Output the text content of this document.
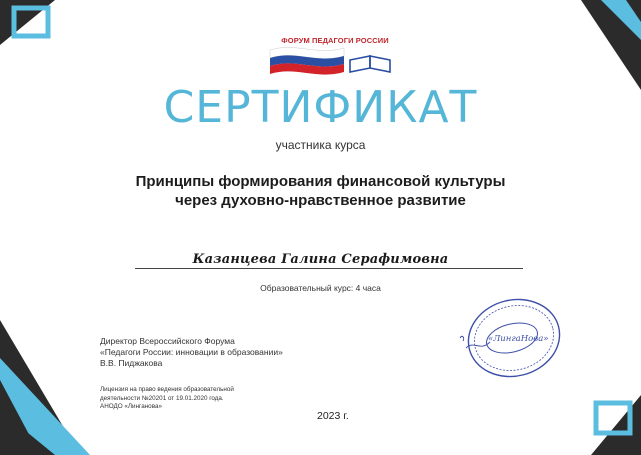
ФОРУМ ПЕДАГОГИ РОССИИ
СЕРТИФИКАТ
участника курса
Принципы формирования финансовой культуры
через духовно-нравственное развитие
Казанцева Галина Серафимовна
Образовательный курс: 4 часа
Директор Всероссийского Форума
«Педагоги России: инновации в образовании»
В.В. Пиджакова
Лицензия на право ведения образовательной
деятельности №20201 от 19.01.2020 года.
АНОДО «Линганова»
2023 г.
«ЛингаНова»
